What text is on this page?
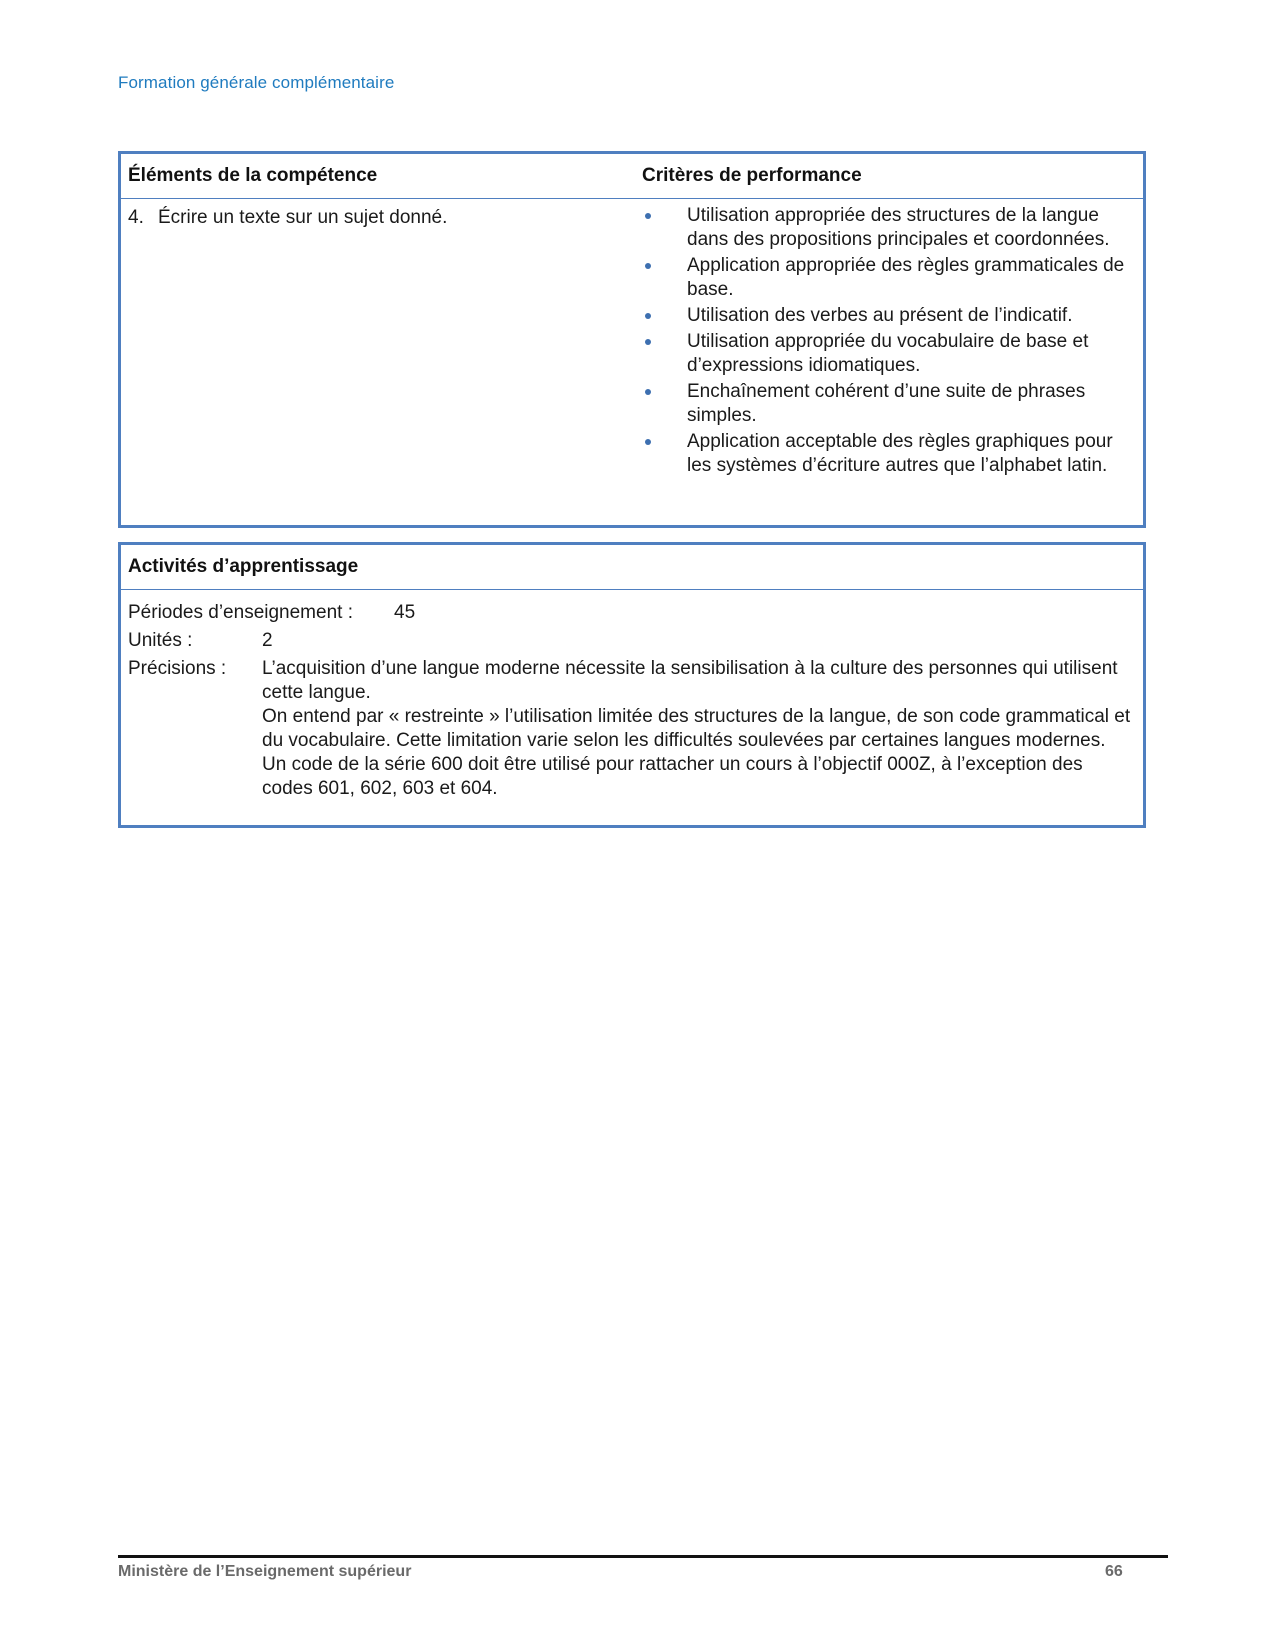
Formation générale complémentaire
Éléments de la compétence	Critères de performance
4. Écrire un texte sur un sujet donné.	Utilisation appropriée des structures de la langue dans des propositions principales et coordonnées.
Application appropriée des règles grammaticales de base.
Utilisation des verbes au présent de l’indicatif.
Utilisation appropriée du vocabulaire de base et d’expressions idiomatiques.
Enchaînement cohérent d’une suite de phrases simples.
Application acceptable des règles graphiques pour les systèmes d’écriture autres que l’alphabet latin.
Activités d’apprentissage
Périodes d’enseignement : 45
Unités :	2
Précisions : L’acquisition d’une langue moderne nécessite la sensibilisation à la culture des personnes qui utilisent cette langue.

On entend par « restreinte » l’utilisation limitée des structures de la langue, de son code grammatical et du vocabulaire. Cette limitation varie selon les difficultés soulevées par certaines langues modernes.

Un code de la série 600 doit être utilisé pour rattacher un cours à l’objectif 000Z, à l’exception des codes 601, 602, 603 et 604.

Ministère de l’Enseignement supérieur	66
